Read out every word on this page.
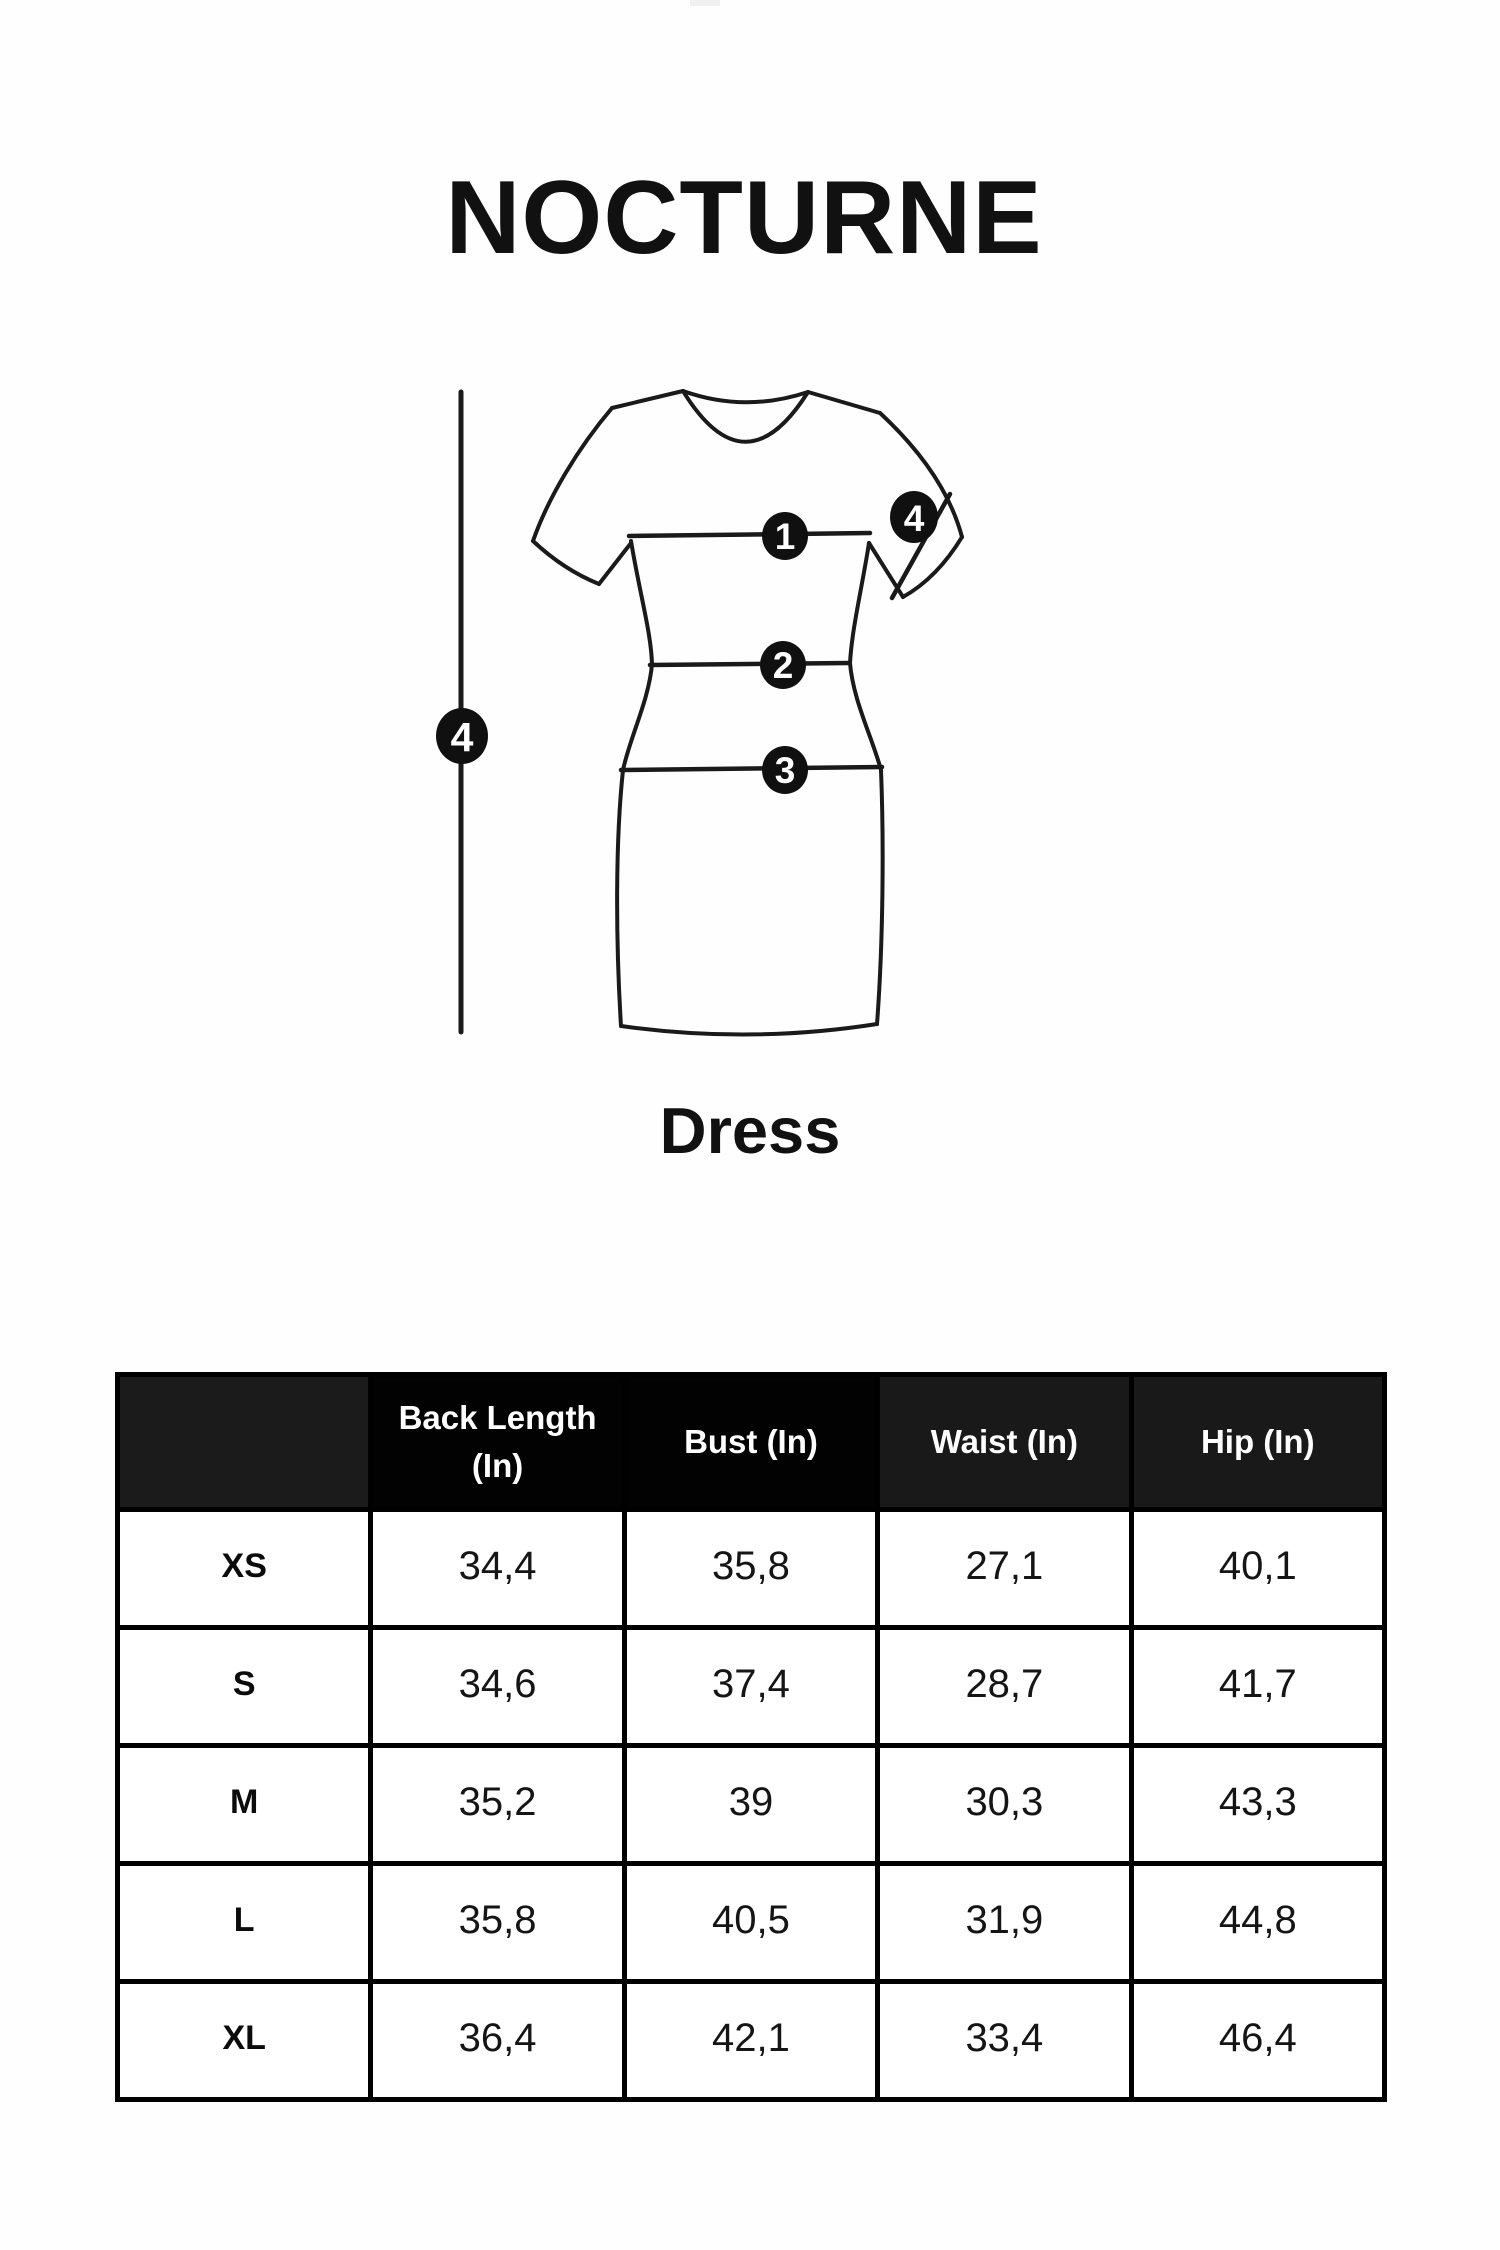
NOCTURNE
1
2
3
4
4
Dress
	Back Length (In)	Bust (In)	Waist (In)	Hip (In)
XS	34,4	35,8	27,1	40,1
S	34,6	37,4	28,7	41,7
M	35,2	39	30,3	43,3
L	35,8	40,5	31,9	44,8
XL	36,4	42,1	33,4	46,4
